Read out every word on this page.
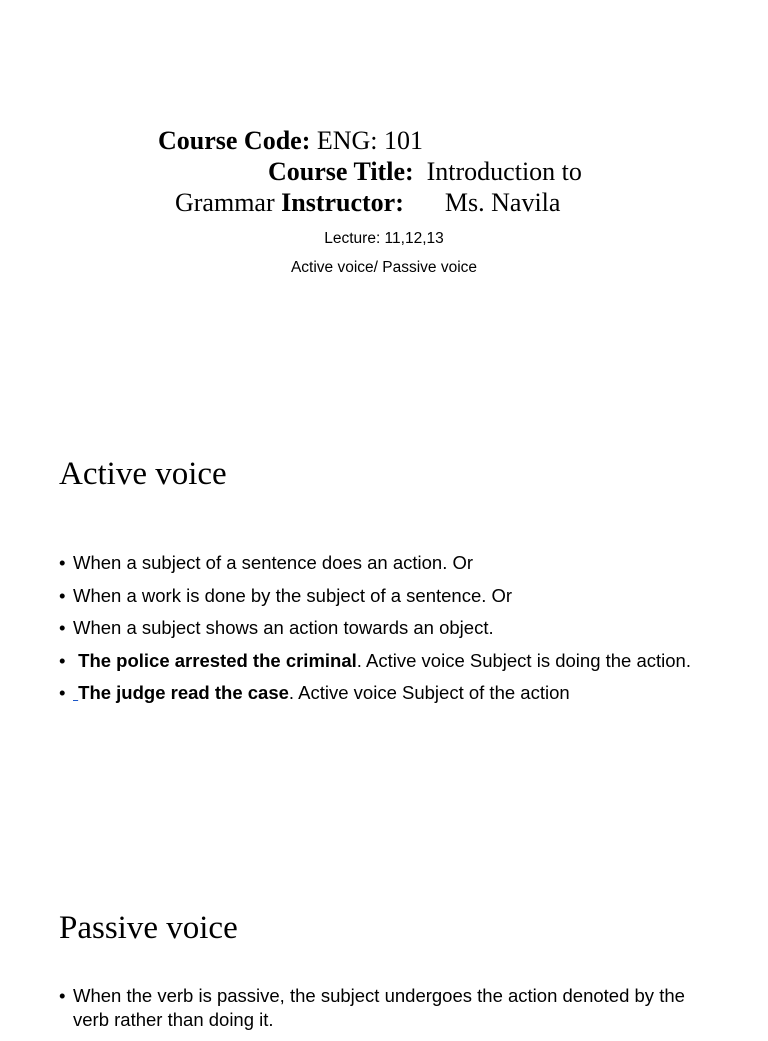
Course Code: ENG: 101
Course Title: Introduction to
Grammar Instructor: Ms. Navila
Lecture: 11,12,13
Active voice/ Passive voice
Active voice
• When a subject of a sentence does an action. Or
• When a work is done by the subject of a sentence. Or
• When a subject shows an action towards an object.
• The police arrested the criminal. Active voice Subject is doing the action.
• The judge read the case. Active voice Subject of the action
Passive voice
• When the verb is passive, the subject undergoes the action denoted by the verb rather than doing it.
